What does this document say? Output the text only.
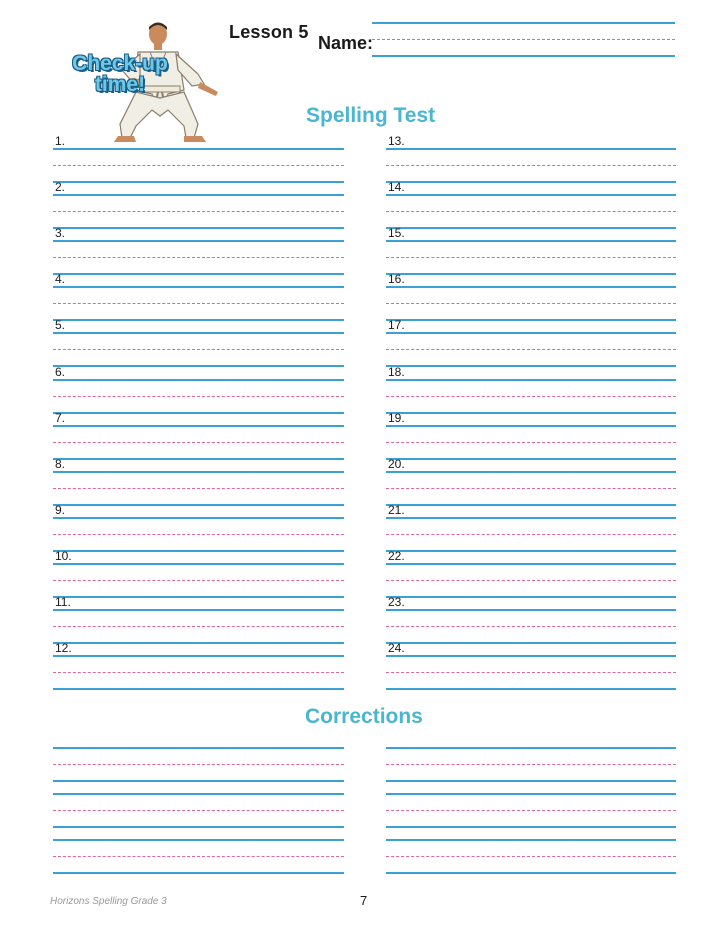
Lesson 5
Name:
Check-up
time!
Spelling Test
1.
2.
3.
4.
5.
6.
7.
8.
9.
10.
11.
12.
13.
14.
15.
16.
17.
18.
19.
20.
21.
22.
23.
24.
Corrections
Horizons Spelling Grade 3	7
